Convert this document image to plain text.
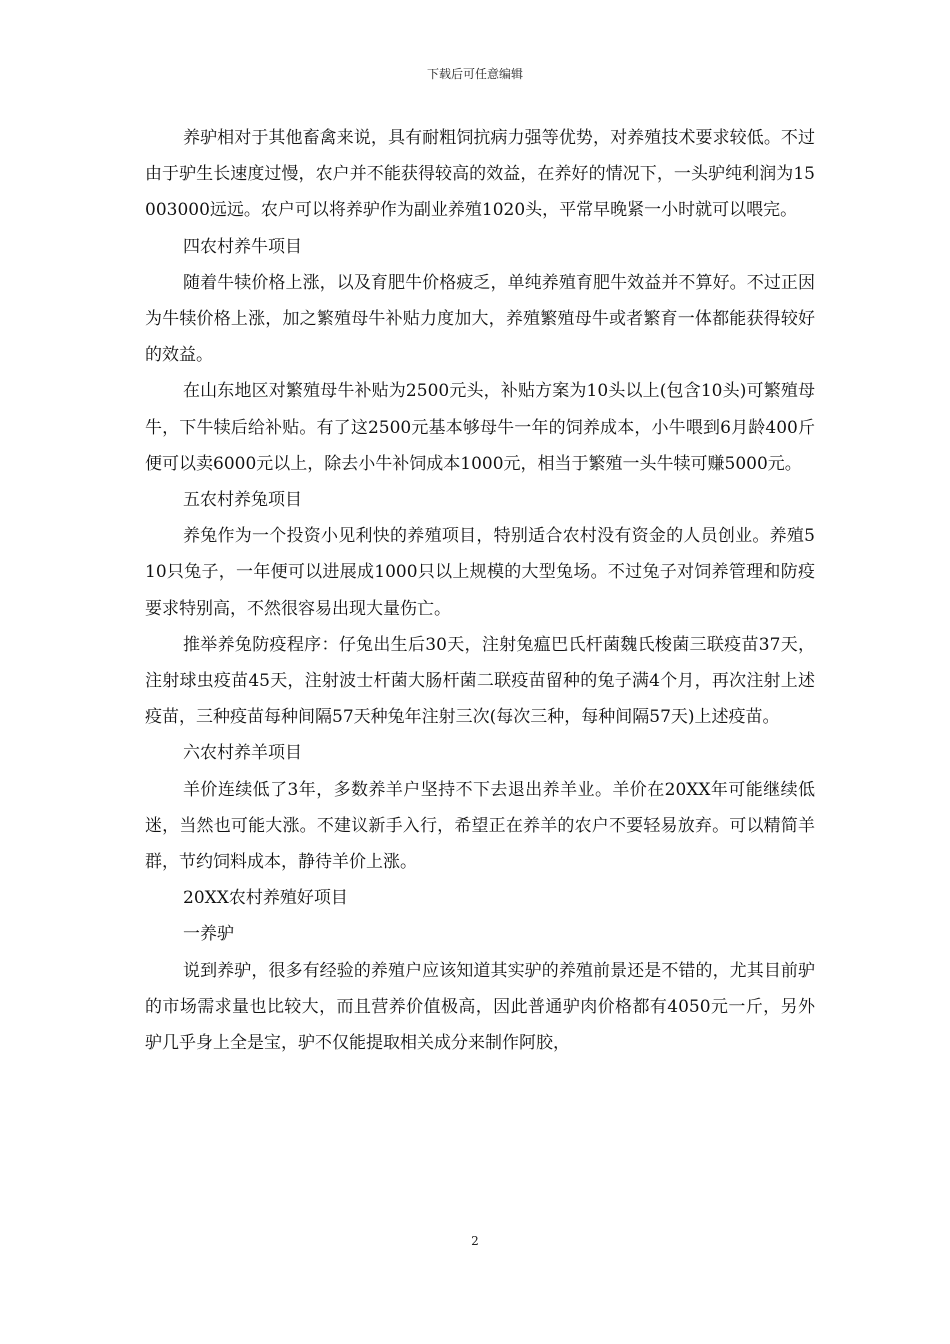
下载后可任意编辑

养驴相对于其他畜禽来说，具有耐粗饲抗病力强等优势，对养殖技术要求较低。不过由于驴生长速度过慢，农户并不能获得较高的效益，在养好的情况下，一头驴纯利润为15003000远远。农户可以将养驴作为副业养殖1020头，平常早晚紧一小时就可以喂完。

四农村养牛项目

随着牛犊价格上涨，以及育肥牛价格疲乏，单纯养殖育肥牛效益并不算好。不过正因为牛犊价格上涨，加之繁殖母牛补贴力度加大，养殖繁殖母牛或者繁育一体都能获得较好的效益。

在山东地区对繁殖母牛补贴为2500元头，补贴方案为10头以上(包含10头)可繁殖母牛，下牛犊后给补贴。有了这2500元基本够母牛一年的饲养成本，小牛喂到6月龄400斤便可以卖6000元以上，除去小牛补饲成本1000元，相当于繁殖一头牛犊可赚5000元。

五农村养兔项目

养兔作为一个投资小见利快的养殖项目，特别适合农村没有资金的人员创业。养殖510只兔子，一年便可以进展成1000只以上规模的大型兔场。不过兔子对饲养管理和防疫要求特别高，不然很容易出现大量伤亡。

推举养兔防疫程序：仔兔出生后30天，注射兔瘟巴氏杆菌魏氏梭菌三联疫苗37天，注射球虫疫苗45天，注射波士杆菌大肠杆菌二联疫苗留种的兔子满4个月，再次注射上述疫苗，三种疫苗每种间隔57天种兔年注射三次(每次三种，每种间隔57天)上述疫苗。

六农村养羊项目

羊价连续低了3年，多数养羊户坚持不下去退出养羊业。羊价在20XX年可能继续低迷，当然也可能大涨。不建议新手入行，希望正在养羊的农户不要轻易放弃。可以精简羊群，节约饲料成本，静待羊价上涨。

20XX农村养殖好项目

一养驴

说到养驴，很多有经验的养殖户应该知道其实驴的养殖前景还是不错的，尤其目前驴的市场需求量也比较大，而且营养价值极高，因此普通驴肉价格都有4050元一斤，另外驴几乎身上全是宝，驴不仅能提取相关成分来制作阿胶，

2
